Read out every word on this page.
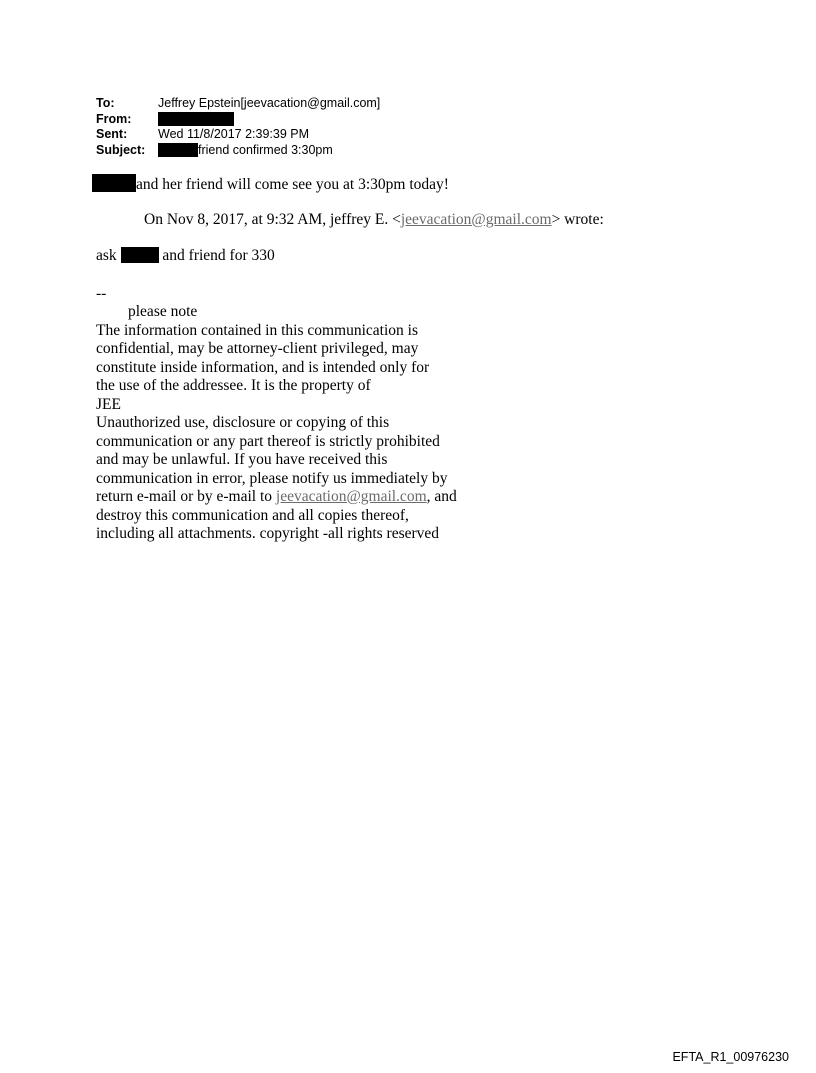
To:	Jeffrey Epstein[jeevacation@gmail.com]
From:
Sent:	Wed 11/8/2017 2:39:39 PM
Subject:	friend confirmed 3:30pm
and her friend will come see you at 3:30pm today!
On Nov 8, 2017, at 9:32 AM, jeffrey E. <jeevacation@gmail.com> wrote:
ask	and friend for 330
--
please note
The information contained in this communication is
confidential, may be attorney-client privileged, may
constitute inside information, and is intended only for
the use of the addressee. It is the property of
JEE
Unauthorized use, disclosure or copying of this
communication or any part thereof is strictly prohibited
and may be unlawful. If you have received this
communication in error, please notify us immediately by
return e-mail or by e-mail to jeevacation@gmail.com, and
destroy this communication and all copies thereof,
including all attachments. copyright -all rights reserved
EFTA_R1_00976230
